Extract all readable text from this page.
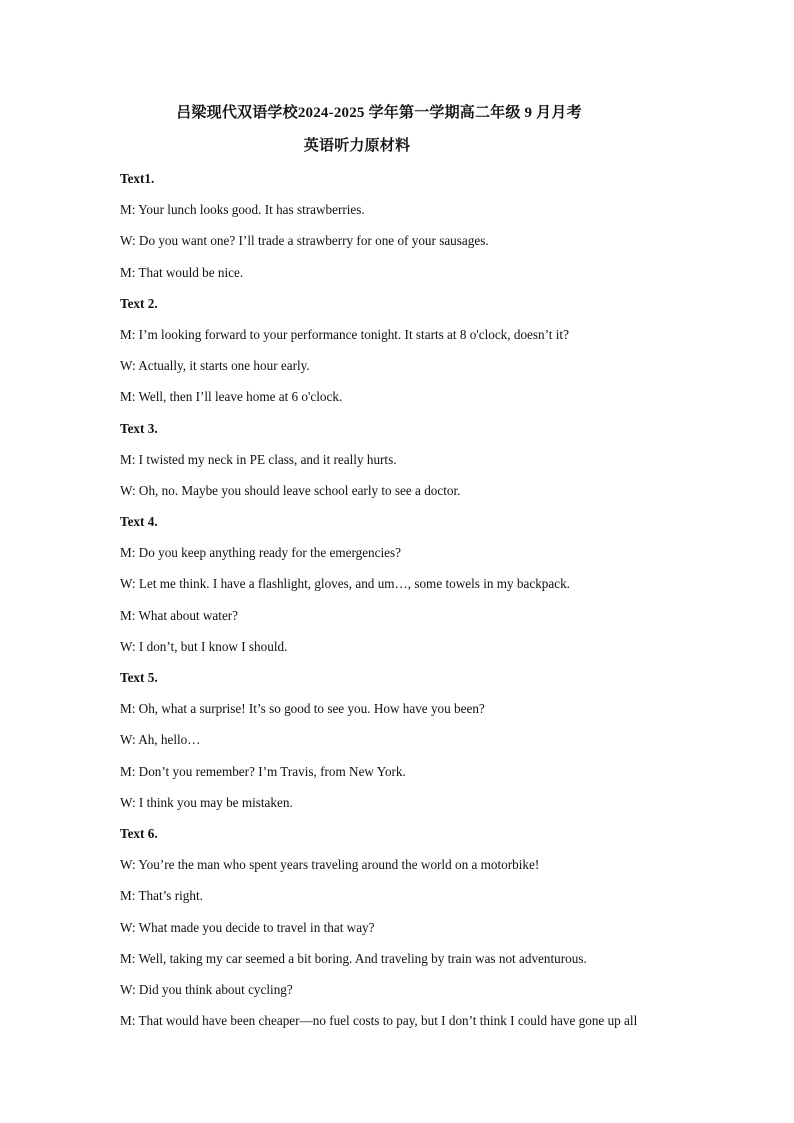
吕梁现代双语学校2024-2025 学年第一学期高二年级 9 月月考
英语听力原材料
Text1.
M: Your lunch looks good. It has strawberries.
W: Do you want one? I’ll trade a strawberry for one of your sausages.
M: That would be nice.
Text 2.
M: I’m looking forward to your performance tonight. It starts at 8 o'clock, doesn’t it?
W: Actually, it starts one hour early.
M: Well, then I’ll leave home at 6 o'clock.
Text 3.
M: I twisted my neck in PE class, and it really hurts.
W: Oh, no. Maybe you should leave school early to see a doctor.
Text 4.
M: Do you keep anything ready for the emergencies?
W: Let me think. I have a flashlight, gloves, and um…, some towels in my backpack.
M: What about water?
W: I don’t, but I know I should.
Text 5.
M: Oh, what a surprise! It’s so good to see you. How have you been?
W: Ah, hello…
M: Don’t you remember? I’m Travis, from New York.
W: I think you may be mistaken.
Text 6.
W: You’re the man who spent years traveling around the world on a motorbike!
M: That’s right.
W: What made you decide to travel in that way?
M: Well, taking my car seemed a bit boring. And traveling by train was not adventurous.
W: Did you think about cycling?
M: That would have been cheaper—no fuel costs to pay, but I don’t think I could have gone up all
